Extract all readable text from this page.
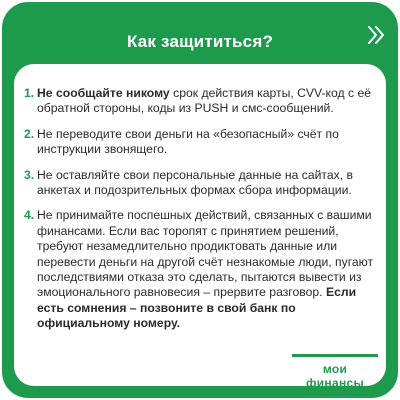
Как защититься?
1. Не сообщайте никому срок действия карты, CVV-код с её обратной стороны, коды из PUSH и смс-сообщений.
2. Не переводите свои деньги на «безопасный» счёт по инструкции звонящего.
3. Не оставляйте свои персональные данные на сайтах, в анкетах и подозрительных формах сбора информации.
4. Не принимайте поспешных действий, связанных с вашими финансами. Если вас торопят с принятием решений, требуют незамедлительно продиктовать данные или перевести деньги на другой счёт незнакомые люди, пугают последствиями отказа это сделать, пытаются вывести из эмоционального равновесия – прервите разговор. Если есть сомнения – позвоните в свой банк по официальному номеру.
мои финансы
